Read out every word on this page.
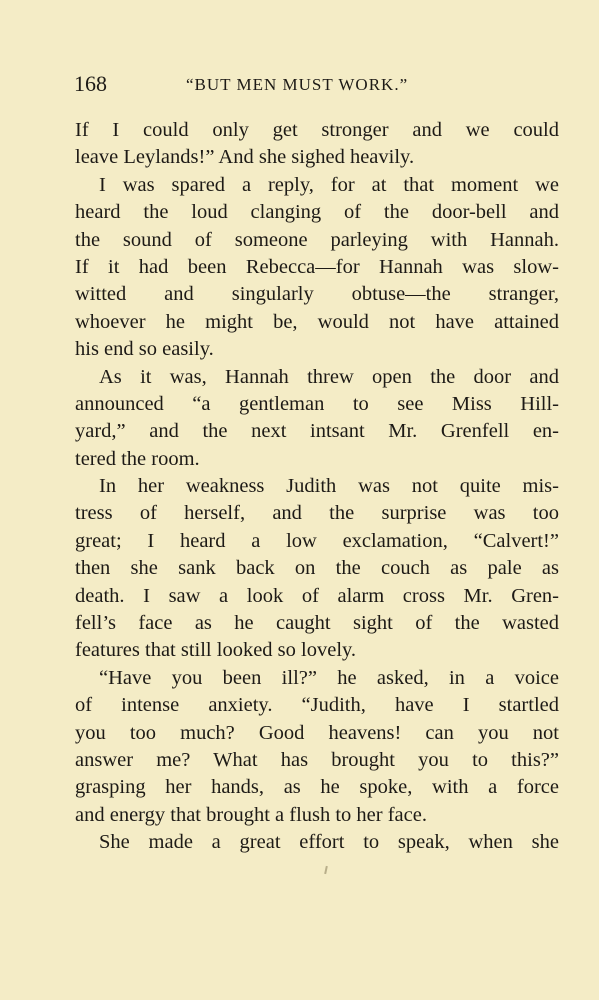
168	“BUT MEN MUST WORK.”
If I could only get stronger and we could
leave Leylands!” And she sighed heavily.
I was spared a reply, for at that moment we
heard the loud clanging of the door-bell and
the sound of someone parleying with Hannah.
If it had been Rebecca—for Hannah was slow-
witted and singularly obtuse—the stranger,
whoever he might be, would not have attained
his end so easily.
As it was, Hannah threw open the door and
announced “a gentleman to see Miss Hill-
yard,” and the next intsant Mr. Grenfell en-
tered the room.
In her weakness Judith was not quite mis-
tress of herself, and the surprise was too
great; I heard a low exclamation, “Calvert!”
then she sank back on the couch as pale as
death. I saw a look of alarm cross Mr. Gren-
fell’s face as he caught sight of the wasted
features that still looked so lovely.
“Have you been ill?” he asked, in a voice
of intense anxiety. “Judith, have I startled
you too much? Good heavens! can you not
answer me? What has brought you to this?”
grasping her hands, as he spoke, with a force
and energy that brought a flush to her face.
She made a great effort to speak, when she
